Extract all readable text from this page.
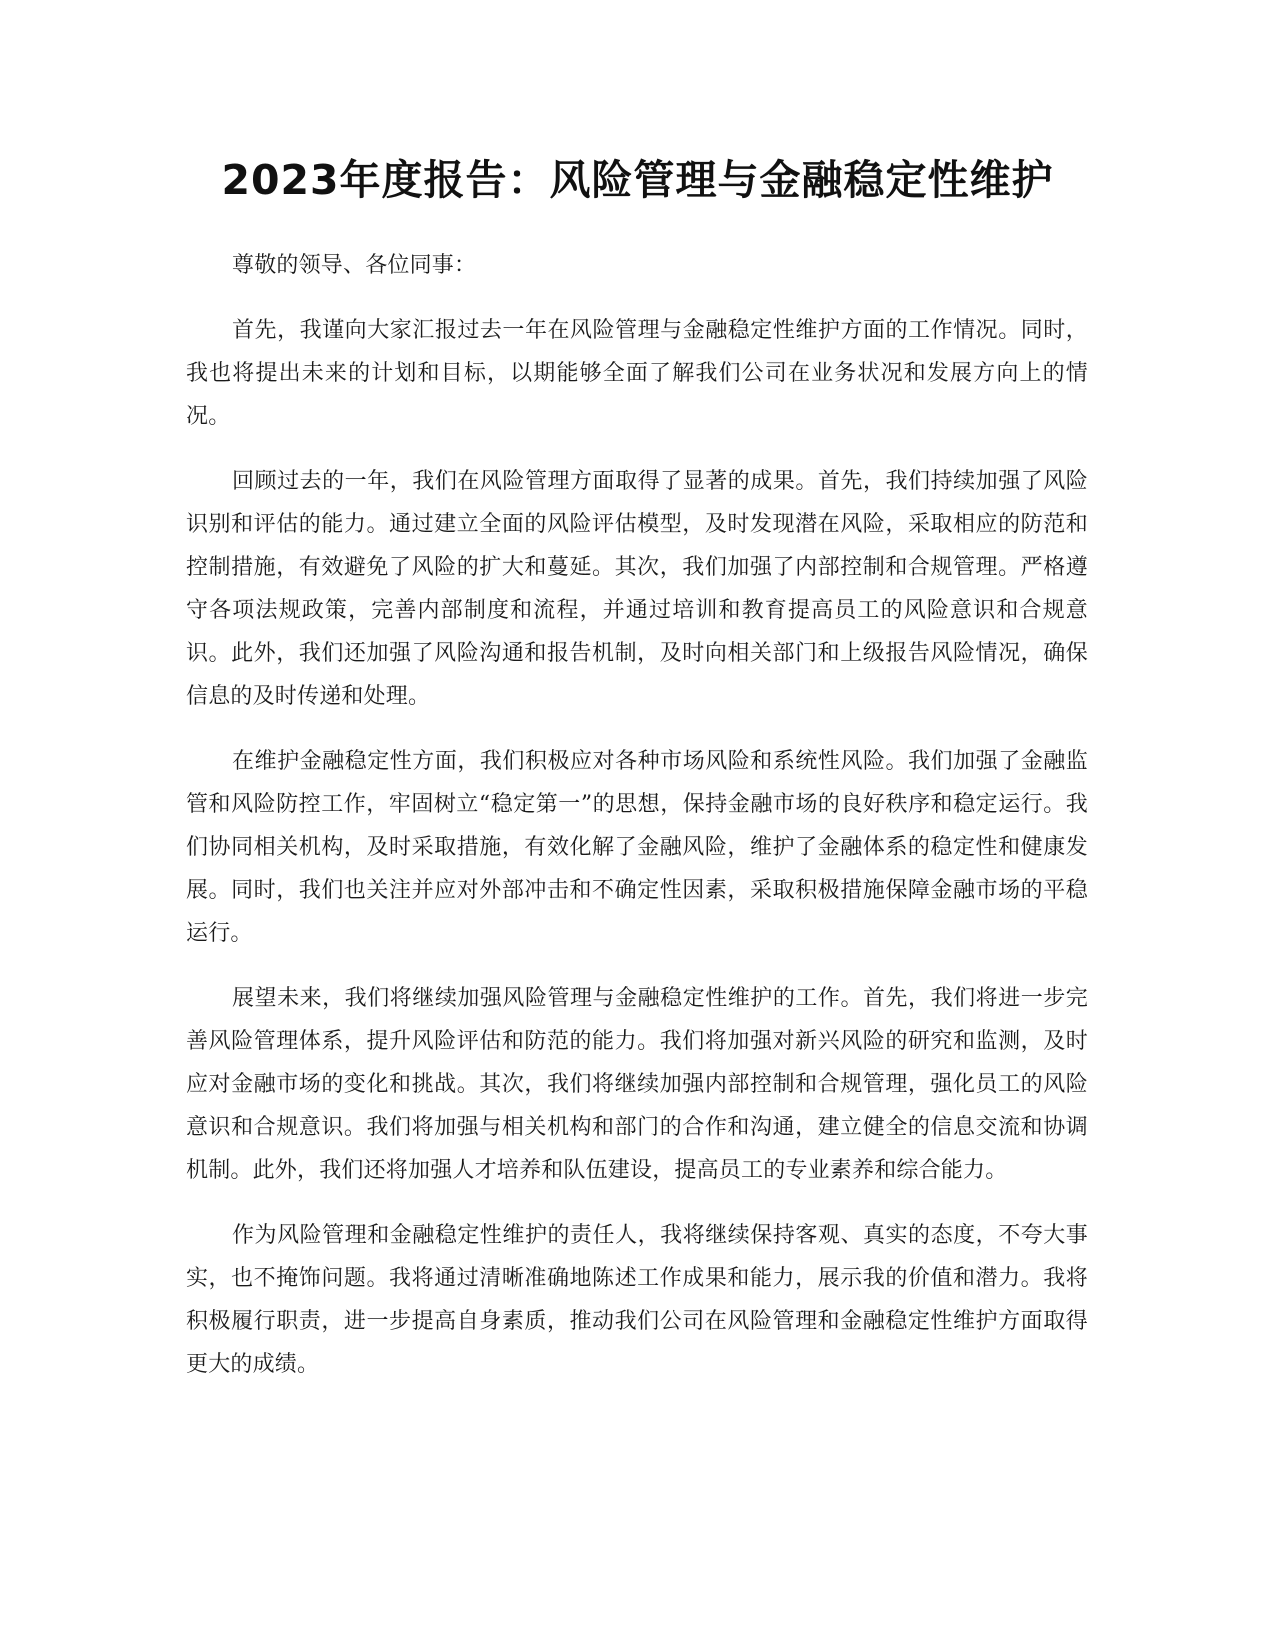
2023年度报告：风险管理与金融稳定性维护

尊敬的领导、各位同事：

首先，我谨向大家汇报过去一年在风险管理与金融稳定性维护方面的工作情况。同时，我也将提出未来的计划和目标，以期能够全面了解我们公司在业务状况和发展方向上的情况。

回顾过去的一年，我们在风险管理方面取得了显著的成果。首先，我们持续加强了风险识别和评估的能力。通过建立全面的风险评估模型，及时发现潜在风险，采取相应的防范和控制措施，有效避免了风险的扩大和蔓延。其次，我们加强了内部控制和合规管理。严格遵守各项法规政策，完善内部制度和流程，并通过培训和教育提高员工的风险意识和合规意识。此外，我们还加强了风险沟通和报告机制，及时向相关部门和上级报告风险情况，确保信息的及时传递和处理。

在维护金融稳定性方面，我们积极应对各种市场风险和系统性风险。我们加强了金融监管和风险防控工作，牢固树立“稳定第一”的思想，保持金融市场的良好秩序和稳定运行。我们协同相关机构，及时采取措施，有效化解了金融风险，维护了金融体系的稳定性和健康发展。同时，我们也关注并应对外部冲击和不确定性因素，采取积极措施保障金融市场的平稳运行。

展望未来，我们将继续加强风险管理与金融稳定性维护的工作。首先，我们将进一步完善风险管理体系，提升风险评估和防范的能力。我们将加强对新兴风险的研究和监测，及时应对金融市场的变化和挑战。其次，我们将继续加强内部控制和合规管理，强化员工的风险意识和合规意识。我们将加强与相关机构和部门的合作和沟通，建立健全的信息交流和协调机制。此外，我们还将加强人才培养和队伍建设，提高员工的专业素养和综合能力。

作为风险管理和金融稳定性维护的责任人，我将继续保持客观、真实的态度，不夸大事实，也不掩饰问题。我将通过清晰准确地陈述工作成果和能力，展示我的价值和潜力。我将积极履行职责，进一步提高自身素质，推动我们公司在风险管理和金融稳定性维护方面取得更大的成绩。
